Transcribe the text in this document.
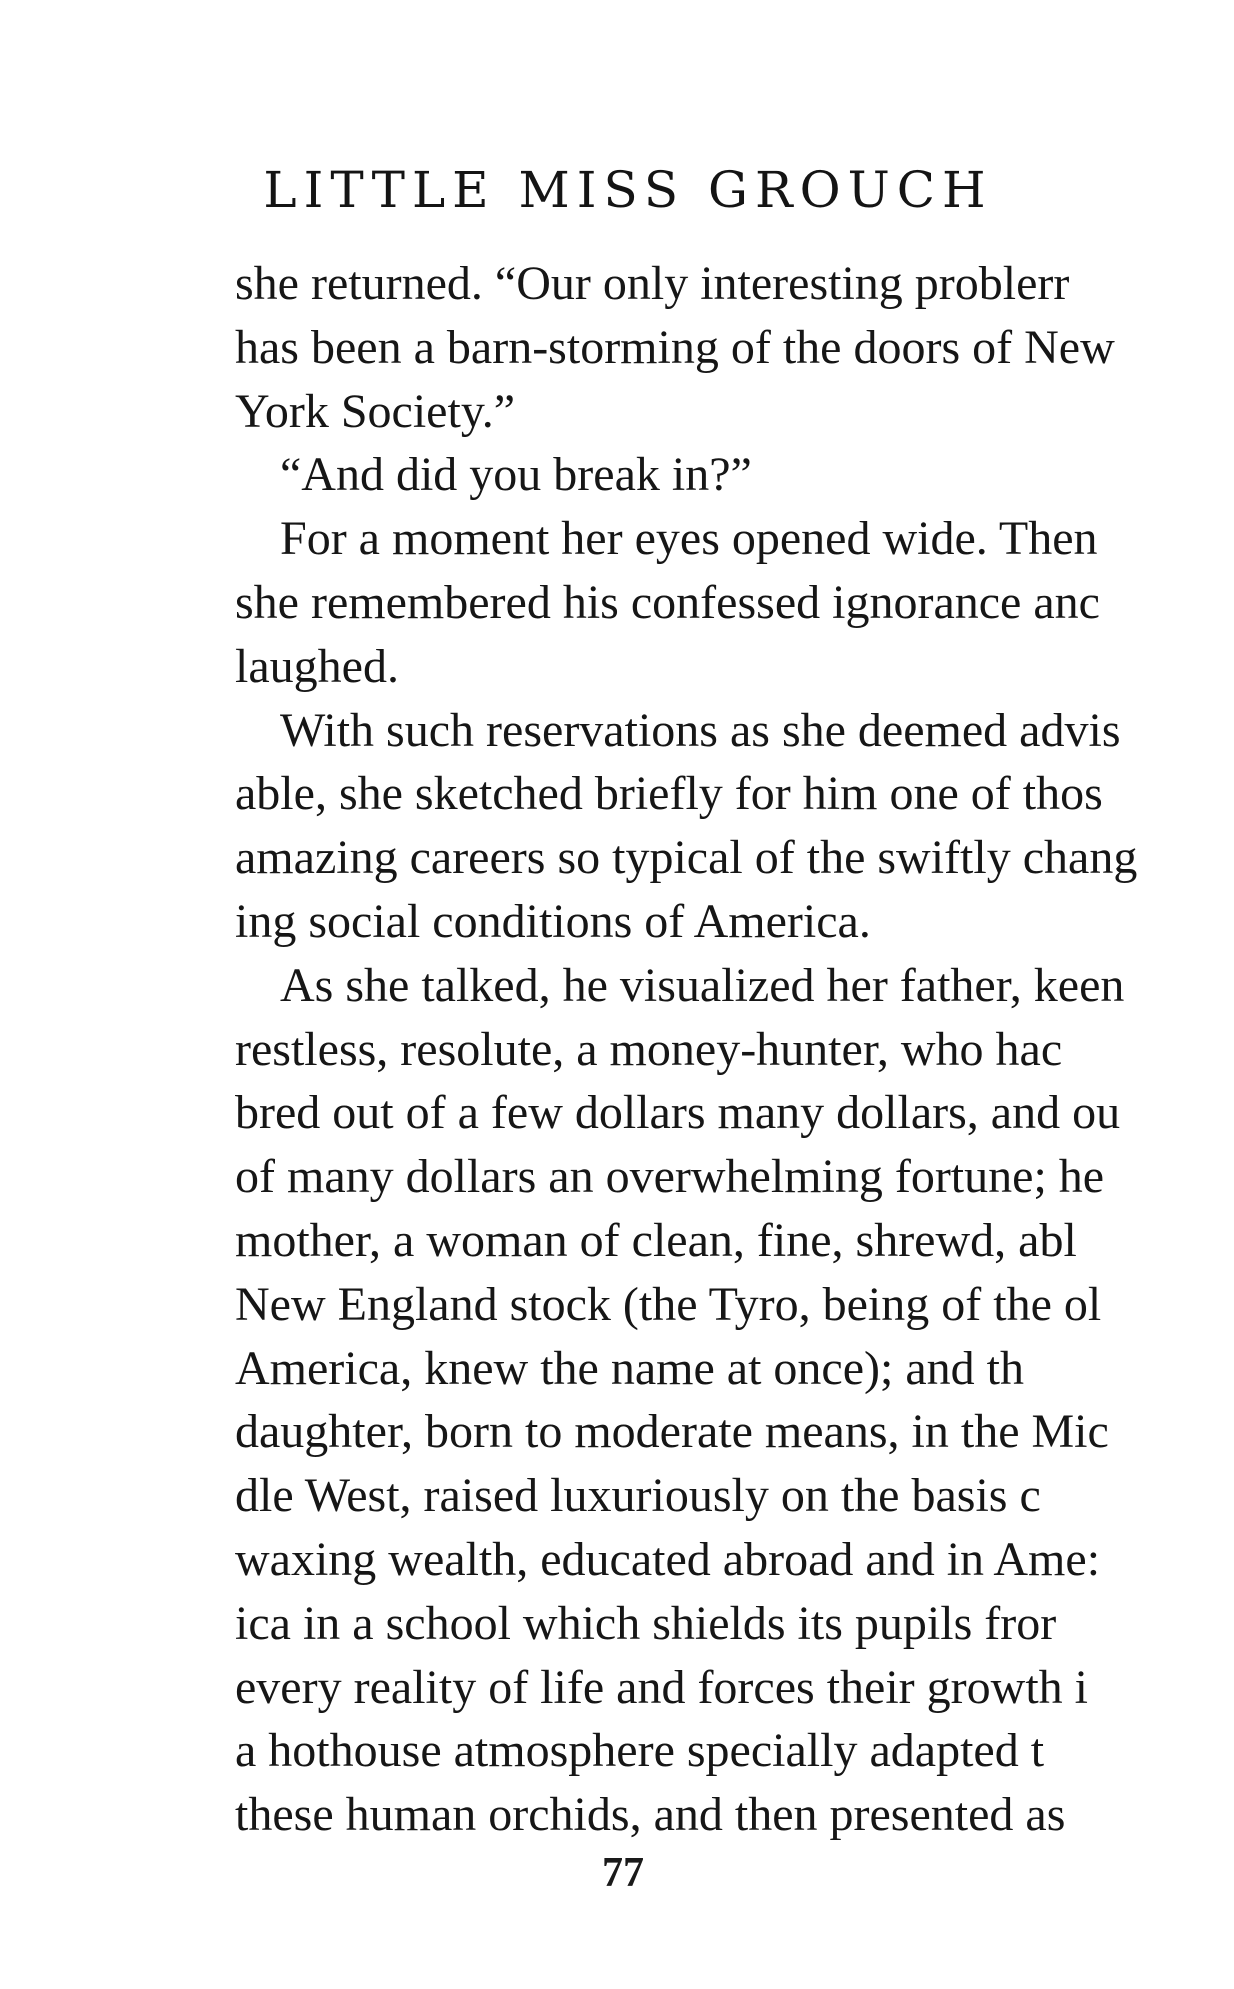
LITTLE MISS GROUCH
she returned. “Our only interesting problerr
has been a barn-storming of the doors of New
York Society.”
“And did you break in?”
For a moment her eyes opened wide. Then
she remembered his confessed ignorance anc
laughed.
With such reservations as she deemed advis
able, she sketched briefly for him one of thos
amazing careers so typical of the swiftly chang
ing social conditions of America.
As she talked, he visualized her father, keen
restless, resolute, a money-hunter, who hac
bred out of a few dollars many dollars, and ou
of many dollars an overwhelming fortune; he
mother, a woman of clean, fine, shrewd, abl
New England stock (the Tyro, being of the ol
America, knew the name at once); and th
daughter, born to moderate means, in the Mic
dle West, raised luxuriously on the basis c
waxing wealth, educated abroad and in Ame:
ica in a school which shields its pupils fror
every reality of life and forces their growth i
a hothouse atmosphere specially adapted t
these human orchids, and then presented as
77
